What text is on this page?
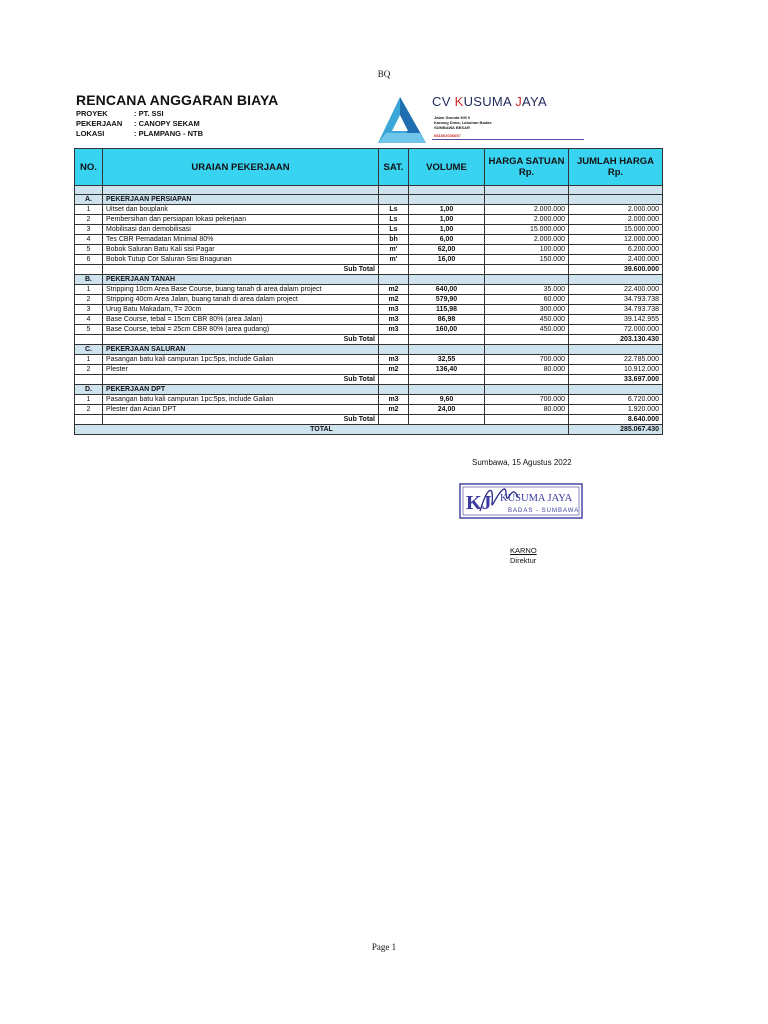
BQ
RENCANA ANGGARAN BIAYA
PROYEK	: PT. SSI
PEKERJAAN : CANOPY SEKAM
LOKASI	: PLAMPANG - NTB
CV KUSUMA JAYA
Jalan Garuda KM 0
Kanang Dima, Labuhan Badas
SUMBAWA BESAR
081802036657
NO.	URAIAN PEKERJAAN	SAT.	VOLUME	HARGA SATUAN Rp.	JUMLAH HARGA Rp.

A.	PEKERJAAN PERSIAPAN				
1	Uitset dan bouplank	Ls	1,00	2.000.000	2.000.000
2	Pembersihan dan persiapan lokasi pekerjaan	Ls	1,00	2.000.000	2.000.000
3	Mobilisasi dan demobilisasi	Ls	1,00	15.000.000	15.000.000
4	Tes CBR Pemadatan Minimal 80%	bh	6,00	2.000.000	12.000.000
5	Bobok Saluran Batu Kali sisi Pagar	m'	62,00	100.000	6.200.000
6	Bobok Tutup Cor Saluran Sisi Bnagunan	m'	16,00	150.000	2.400.000
	Sub Total				39.600.000
B.	PEKERJAAN TANAH				
1	Stripping 10cm Area Base Course, buang tanah di area dalam project	m2	640,00	35.000	22.400.000
2	Stripping 40cm Area Jalan, buang tanah di area dalam project	m2	579,90	60.000	34.793.738
3	Urug Batu Makadam, T= 20cm	m3	115,98	300.000	34.793.738
4	Base Course, tebal = 15cm CBR 80% (area Jalan)	m3	86,98	450.000	39.142.955
5	Base Course, tebal = 25cm CBR 80% (area gudang)	m3	160,00	450.000	72.000.000
	Sub Total				203.130.430
C.	PEKERJAAN SALURAN				
1	Pasangan batu kali campuran 1pc:5ps, include Galian	m3	32,55	700.000	22.785.000
2	Plester	m2	136,40	80.000	10.912.000
	Sub Total				33.697.000
D.	PEKERJAAN DPT				
1	Pasangan batu kali campuran 1pc:5ps, include Galian	m3	9,60	700.000	6.720.000
2	Plester dan Acian DPT	m2	24,00	80.000	1.920.000
	Sub Total				8.640.000
TOTAL					285.067.430
Sumbawa, 15 Agustus 2022
KJ KUSUMA JAYA
BADAS - SUMBAWA
KARNO
Direktur
Page 1
